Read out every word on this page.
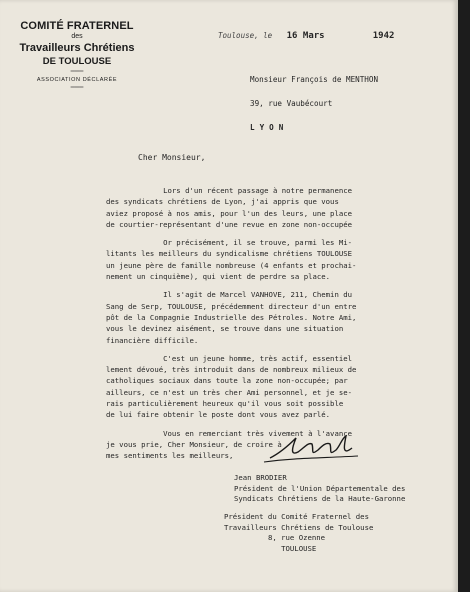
COMITÉ FRATERNEL
des
Travailleurs Chrétiens
DE TOULOUSE
═══
ASSOCIATION DÉCLARÉE
═══
Toulouse, le 16 Mars	1942
Monsieur François de MENTHON
39, rue Vaubécourt
LYON
Cher Monsieur,
Lors d'un récent passage à notre permanence
des syndicats chrétiens de Lyon, j'ai appris que vous
aviez proposé à nos amis, pour l'un des leurs, une place
de courtier-représentant d'une revue en zone non-occupée
Or précisément, il se trouve, parmi les Mi-
litants les meilleurs du syndicalisme chrétiens TOULOUSE
un jeune père de famille nombreuse (4 enfants et prochai-
nement un cinquième), qui vient de perdre sa place.
Il s'agit de Marcel VANHOVE, 211, Chemin du
Sang de Serp, TOULOUSE, précédemment directeur d'un entre
pôt de la Compagnie Industrielle des Pétroles. Notre Ami,
vous le devinez aisément, se trouve dans une situation
financière difficile.
C'est un jeune homme, très actif, essentiel
lement dévoué, très introduit dans de nombreux milieux de
catholiques sociaux dans toute la zone non-occupée; par
ailleurs, ce n'est un très cher Ami personnel, et je se-
rais particulièrement heureux qu'il vous soit possible
de lui faire obtenir le poste dont vous avez parlé.
Vous en remerciant très vivement à l'avance
je vous prie, Cher Monsieur, de croire à
mes sentiments les meilleurs,
Jean BRODIER
Président de l'Union Départementale des
Syndicats Chrétiens de la Haute-Garonne
Président du Comité Fraternel des
Travailleurs Chrétiens de Toulouse
8, rue Ozenne
TOULOUSE
